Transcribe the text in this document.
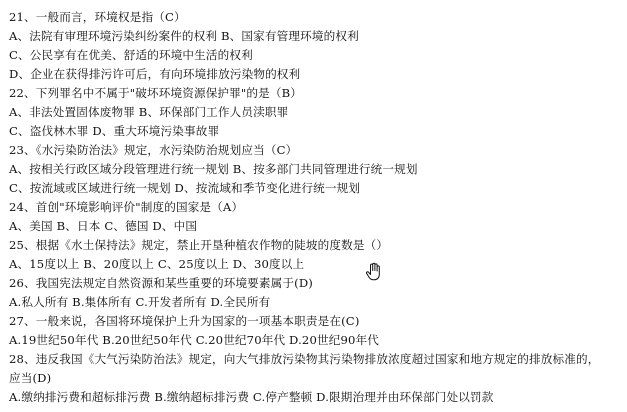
21、一般而言，环境权是指（C）
A、法院有审理环境污染纠纷案件的权利 B、国家有管理环境的权利
C、公民享有在优美、舒适的环境中生活的权利
D、企业在获得排污许可后，有向环境排放污染物的权利
22、下列罪名中不属于"破坏环境资源保护罪"的是（B）
A、非法处置固体废物罪 B、环保部门工作人员渎职罪
C、盗伐林木罪 D、重大环境污染事故罪
23、《水污染防治法》规定，水污染防治规划应当（C）
A、按相关行政区域分段管理进行统一规划 B、按多部门共同管理进行统一规划
C、按流域或区域进行统一规划 D、按流域和季节变化进行统一规划
24、首创"环境影响评价"制度的国家是（A）
A、美国 B、日本 C、德国 D、中国
25、根据《水土保持法》规定，禁止开垦种植农作物的陡坡的度数是（）
A、15度以上 B、20度以上 C、25度以上 D、30度以上
26、我国宪法规定自然资源和某些重要的环境要素属于(D)
A.私人所有 B.集体所有 C.开发者所有 D.全民所有
27、一般来说，各国将环境保护上升为国家的一项基本职责是在(C)
A.19世纪50年代 B.20世纪50年代 C.20世纪70年代 D.20世纪90年代
28、违反我国《大气污染防治法》规定，向大气排放污染物其污染物排放浓度超过国家和地方规定的排放标准的，
应当(D)
A.缴纳排污费和超标排污费 B.缴纳超标排污费 C.停产整顿 D.限期治理并由环保部门处以罚款
